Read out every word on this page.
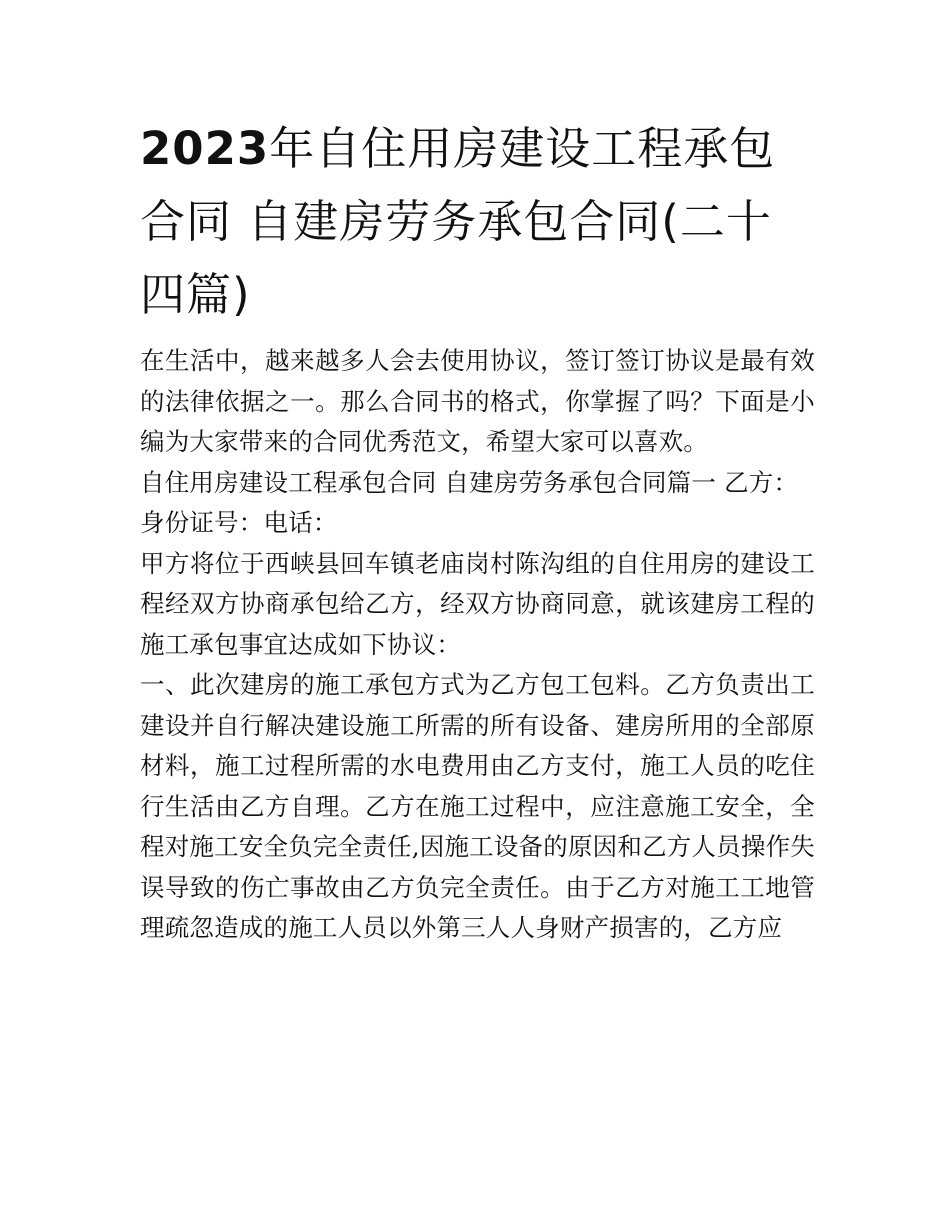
2023年自住用房建设工程承包合同 自建房劳务承包合同(二十四篇)

在生活中，越来越多人会去使用协议，签订签订协议是最有效的法律依据之一。那么合同书的格式，你掌握了吗？下面是小编为大家带来的合同优秀范文，希望大家可以喜欢。

自住用房建设工程承包合同 自建房劳务承包合同篇一 乙方：

身份证号：电话：

甲方将位于西峡县回车镇老庙岗村陈沟组的自住用房的建设工程经双方协商承包给乙方，经双方协商同意，就该建房工程的施工承包事宜达成如下协议：

一、此次建房的施工承包方式为乙方包工包料。乙方负责出工建设并自行解决建设施工所需的所有设备、建房所用的全部原材料，施工过程所需的水电费用由乙方支付，施工人员的吃住行生活由乙方自理。乙方在施工过程中，应注意施工安全，全程对施工安全负完全责任,因施工设备的原因和乙方人员操作失误导致的伤亡事故由乙方负完全责任。由于乙方对施工工地管理疏忽造成的施工人员以外第三人人身财产损害的，乙方应
